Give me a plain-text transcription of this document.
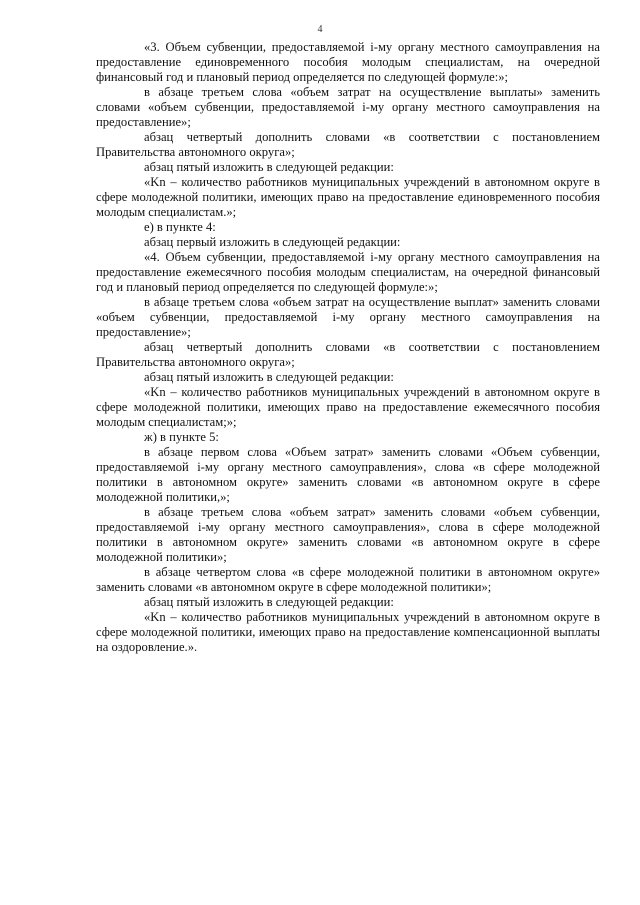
4

«3. Объем субвенции, предоставляемой i-му органу местного самоуправления на предоставление единовременного пособия молодым специалистам, на очередной финансовый год и плановый период определяется по следующей формуле:»;

в абзаце третьем слова «объем затрат на осуществление выплаты» заменить словами «объем субвенции, предоставляемой i-му органу местного самоуправления на предоставление»;

абзац четвертый дополнить словами «в соответствии с постановлением Правительства автономного округа»;

абзац пятый изложить в следующей редакции:

«Kn – количество работников муниципальных учреждений в автономном округе в сфере молодежной политики, имеющих право на предоставление единовременного пособия молодым специалистам.»;

е) в пункте 4:

абзац первый изложить в следующей редакции:

«4. Объем субвенции, предоставляемой i-му органу местного самоуправления на предоставление ежемесячного пособия молодым специалистам, на очередной финансовый год и плановый период определяется по следующей формуле:»;

в абзаце третьем слова «объем затрат на осуществление выплат» заменить словами «объем субвенции, предоставляемой i-му органу местного самоуправления на предоставление»;

абзац четвертый дополнить словами «в соответствии с постановлением Правительства автономного округа»;

абзац пятый изложить в следующей редакции:

«Kn – количество работников муниципальных учреждений в автономном округе в сфере молодежной политики, имеющих право на предоставление ежемесячного пособия молодым специалистам;»;

ж) в пункте 5:

в абзаце первом слова «Объем затрат» заменить словами «Объем субвенции, предоставляемой i-му органу местного самоуправления», слова «в сфере молодежной политики в автономном округе» заменить словами «в автономном округе в сфере молодежной политики,»;

в абзаце третьем слова «объем затрат» заменить словами «объем субвенции, предоставляемой i-му органу местного самоуправления», слова в сфере молодежной политики в автономном округе» заменить словами «в автономном округе в сфере молодежной политики»;

в абзаце четвертом слова «в сфере молодежной политики в автономном округе» заменить словами «в автономном округе в сфере молодежной политики»;

абзац пятый изложить в следующей редакции:

«Kn – количество работников муниципальных учреждений в автономном округе в сфере молодежной политики, имеющих право на предоставление компенсационной выплаты на оздоровление.».
